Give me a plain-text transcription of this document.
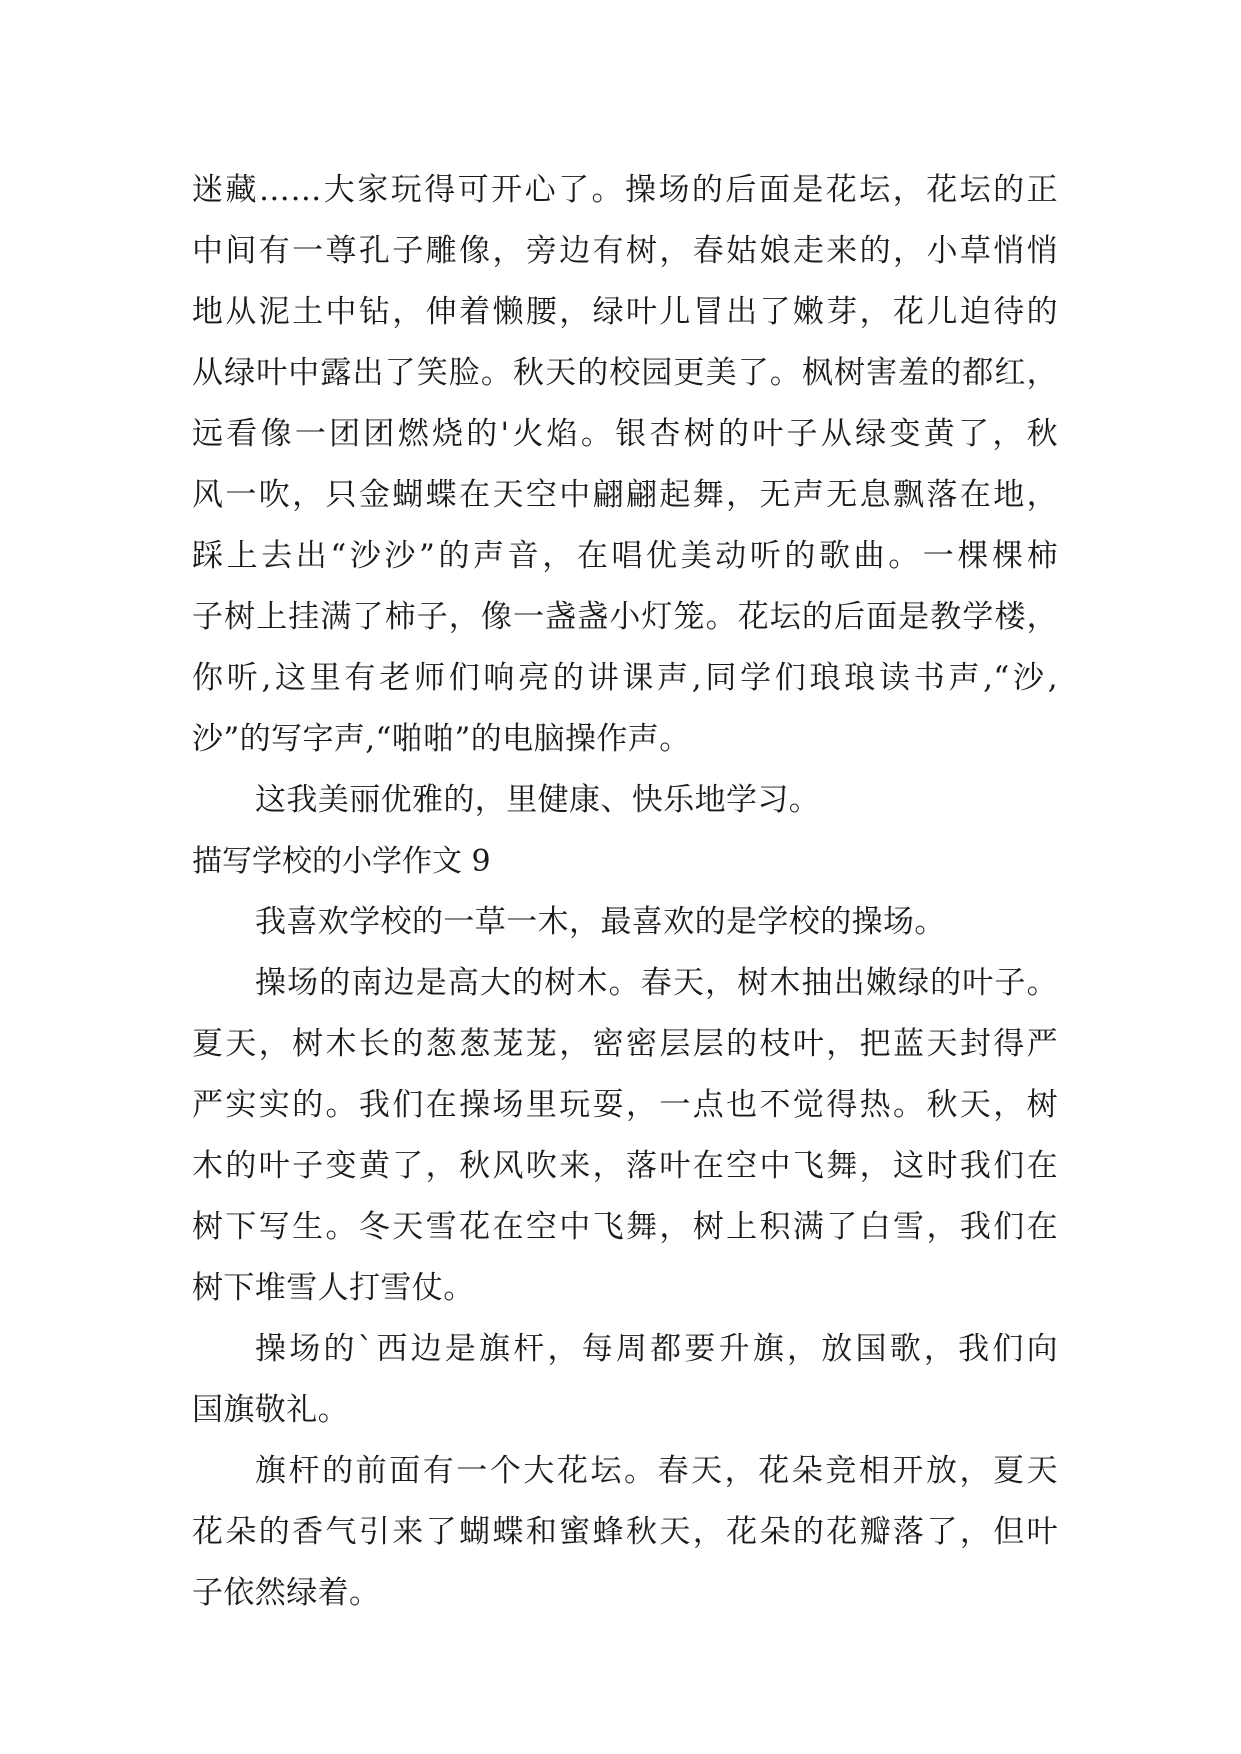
迷藏……大家玩得可开心了。操场的后面是花坛，花坛的正
中间有一尊孔子雕像，旁边有树，春姑娘走来的，小草悄悄
地从泥土中钻，伸着懒腰，绿叶儿冒出了嫩芽，花儿迫待的
从绿叶中露出了笑脸。秋天的校园更美了。枫树害羞的都红，
远看像一团团燃烧的'火焰。银杏树的叶子从绿变黄了，秋
风一吹，只金蝴蝶在天空中翩翩起舞，无声无息飘落在地，
踩上去出“沙沙”的声音，在唱优美动听的歌曲。一棵棵柿
子树上挂满了柿子，像一盏盏小灯笼。花坛的后面是教学楼，
你听,这里有老师们响亮的讲课声,同学们琅琅读书声,“沙,
沙”的写字声,“啪啪”的电脑操作声。
这我美丽优雅的，里健康、快乐地学习。
描写学校的小学作文 9
我喜欢学校的一草一木，最喜欢的是学校的操场。
操场的南边是高大的树木。春天，树木抽出嫩绿的叶子。
夏天，树木长的葱葱茏茏，密密层层的枝叶，把蓝天封得严
严实实的。我们在操场里玩耍，一点也不觉得热。秋天，树
木的叶子变黄了，秋风吹来，落叶在空中飞舞，这时我们在
树下写生。冬天雪花在空中飞舞，树上积满了白雪，我们在
树下堆雪人打雪仗。
操场的`西边是旗杆，每周都要升旗，放国歌，我们向
国旗敬礼。
旗杆的前面有一个大花坛。春天，花朵竞相开放，夏天
花朵的香气引来了蝴蝶和蜜蜂秋天，花朵的花瓣落了，但叶
子依然绿着。
